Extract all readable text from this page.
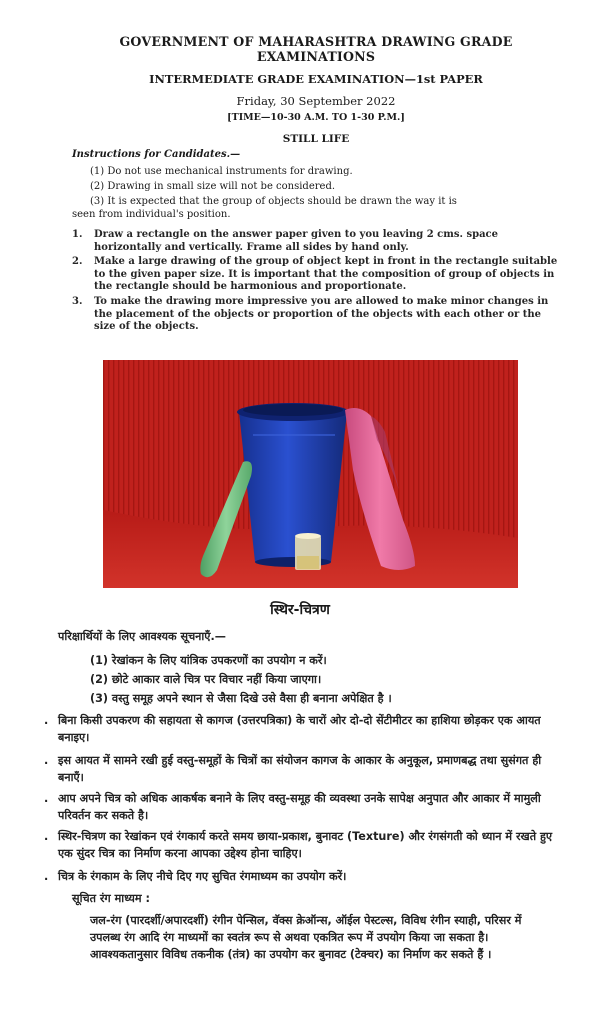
GOVERNMENT OF MAHARASHTRA DRAWING GRADE EXAMINATIONS
INTERMEDIATE GRADE EXAMINATION—1st PAPER
Friday, 30 September 2022
[TIME—10-30 A.M. TO 1-30 P.M.]
STILL LIFE
Instructions for Candidates.—
(1) Do not use mechanical instruments for drawing.
(2) Drawing in small size will not be considered.
(3) It is expected that the group of objects should be drawn the way it is
seen from individual's position.
1.	Draw a rectangle on the answer paper given to you leaving 2 cms. space horizontally and vertically. Frame all sides by hand only.
2.	Make a large drawing of the group of object kept in front in the rectangle suitable to the given paper size. It is important that the composition of group of objects in the rectangle should be harmonious and proportionate.
3.	To make the drawing more impressive you are allowed to make minor changes in the placement of the objects or proportion of the objects with each other or the size of the objects.
स्थिर-चित्रण
परिक्षार्थियों के लिए आवश्यक सूचनाएँ.—
(1) रेखांकन के लिए यांत्रिक उपकरणों का उपयोग न करें।
(2) छोटे आकार वाले चित्र पर विचार नहीं किया जाएगा।
(3) वस्तु समूह अपने स्थान से जैसा दिखे उसे वैसा ही बनाना अपेक्षित है ।
. बिना किसी उपकरण की सहायता से कागज (उत्तरपत्रिका) के चारों ओर दो-दो सेंटीमीटर का हाशिया छोड़कर एक आयत बनाइए।
. इस आयत में सामने रखी हुई वस्तु-समूहों के चित्रों का संयोजन कागज के आकार के अनुकूल, प्रमाणबद्ध तथा सुसंगत ही बनाएँ।
. आप अपने चित्र को अधिक आकर्षक बनाने के लिए वस्तु-समूह की व्यवस्था उनके सापेक्ष अनुपात और आकार में मामुली परिवर्तन कर सकते है।
. स्थिर-चित्रण का रेखांकन एवं रंगकार्य करते समय छाया-प्रकाश, बुनावट (Texture) और रंगसंगती को ध्यान में रखते हुए एक सुंदर चित्र का निर्माण करना आपका उद्देश्य होना चाहिए।
. चित्र के रंगकाम के लिए नीचे दिए गए सुचित रंगमाध्यम का उपयोग करें।
सूचित रंग माध्यम :
जल-रंग (पारदर्शी/अपारदर्शी) रंगीन पेन्सिल, वॅक्स क्रेऑन्स, ऑईल पेस्टल्स, विविध रंगीन स्याही, परिसर में उपलब्ध रंग आदि रंग माध्यमों का स्वतंत्र रूप से अथवा एकत्रित रूप में उपयोग किया जा सकता है। आवश्यकतानुसार विविध तकनीक (तंत्र) का उपयोग कर बुनावट (टेक्चर) का निर्माण कर सकते हैं ।
